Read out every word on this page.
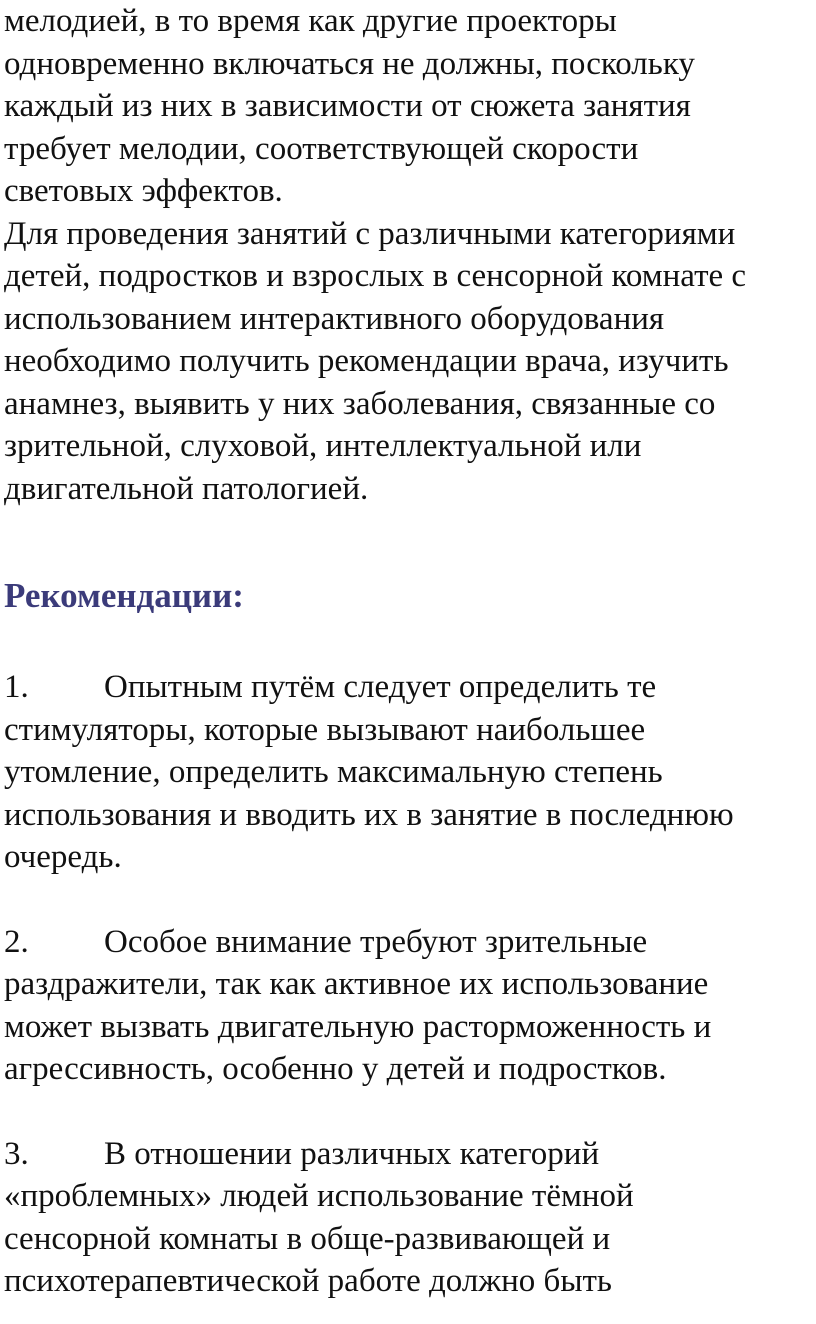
мелодией, в то время как другие проекторы
одновременно включаться не должны, поскольку
каждый из них в зависимости от сюжета занятия
требует мелодии, соответствующей скорости
световых эффектов.
Для проведения занятий с различными категориями
детей, подростков и взрослых в сенсорной комнате с
использованием интерактивного оборудования
необходимо получить рекомендации врача, изучить
анамнез, выявить у них заболевания, связанные со
зрительной, слуховой, интеллектуальной или
двигательной патологией.
Рекомендации:
1. Опытным путём следует определить те
стимуляторы, которые вызывают наибольшее
утомление, определить максимальную степень
использования и вводить их в занятие в последнюю
очередь.
2. Особое внимание требуют зрительные
раздражители, так как активное их использование
может вызвать двигательную расторможенность и
агрессивность, особенно у детей и подростков.
3. В отношении различных категорий
«проблемных» людей использование тёмной
сенсорной комнаты в обще-развивающей и
психотерапевтической работе должно быть
